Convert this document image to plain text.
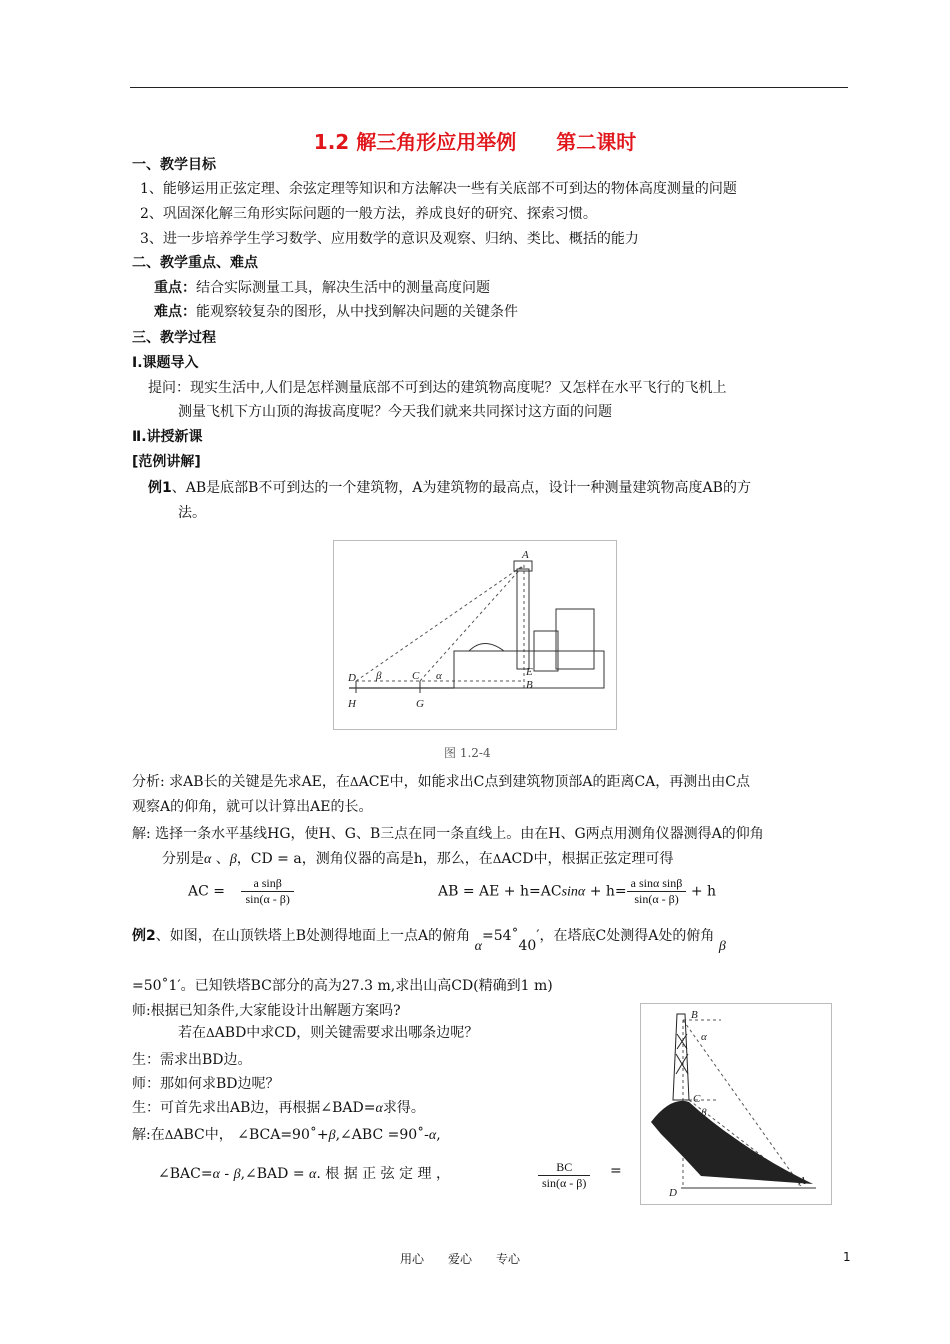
1.2 解三角形应用举例　　第二课时
一、教学目标
1、能够运用正弦定理、余弦定理等知识和方法解决一些有关底部不可到达的物体高度测量的问题
2、巩固深化解三角形实际问题的一般方法，养成良好的研究、探索习惯。
3、进一步培养学生学习数学、应用数学的意识及观察、归纳、类比、概括的能力
二、教学重点、难点
重点：结合实际测量工具，解决生活中的测量高度问题
难点：能观察较复杂的图形，从中找到解决问题的关键条件
三、教学过程
Ⅰ.课题导入
提问：现实生活中,人们是怎样测量底部不可到达的建筑物高度呢？又怎样在水平飞行的飞机上
测量飞机下方山顶的海拔高度呢？今天我们就来共同探讨这方面的问题
Ⅱ.讲授新课
[范例讲解]
例1、AB是底部B不可到达的一个建筑物，A为建筑物的最高点，设计一种测量建筑物高度AB的方
法。
A
D	C	E
B
H	G
β	α
图 1.2-4
分析: 求AB长的关键是先求AE，在ΔACE中，如能求出C点到建筑物顶部A的距离CA，再测出由C点
观察A的仰角，就可以计算出AE的长。
解: 选择一条水平基线HG，使H、G、B三点在同一条直线上。由在H、G两点用测角仪器测得A的仰角
分别是α 、β，CD = a，测角仪器的高是h，那么，在ΔACD中，根据正弦定理可得
AC = $\frac{\text{a sinβ}}{\sin(\alpha - \beta)}$	AB = AE + $h=ACsin\alpha + h= \frac{\text{a sinα sinβ}}{\sin(\alpha - \beta)} + h$
例2、如图，在山顶铁塔上B处测得地面上一点A的俯角 α=54˚40′，在塔底C处测得A处的俯角 β
=50˚1′。已知铁塔BC部分的高为27.3 m,求出山高CD(精确到1 m)
师:根据已知条件,大家能设计出解题方案吗?
若在ΔABD中求CD，则关键需要求出哪条边呢？
生：需求出BD边。
师：那如何求BD边呢？
生：可首先求出AB边，再根据∠BAD=α求得。
解:在ΔABC中， ∠BCA=90˚+β,∠ABC =90˚-α,
∠BAC=α - β,∠BAD = α. 根 据 正 弦 定 理 ，	$\frac{BC}{\sin(\alpha - \beta)}$ =
B
C
α
β
D
A
用心　　爱心　　专心	1
